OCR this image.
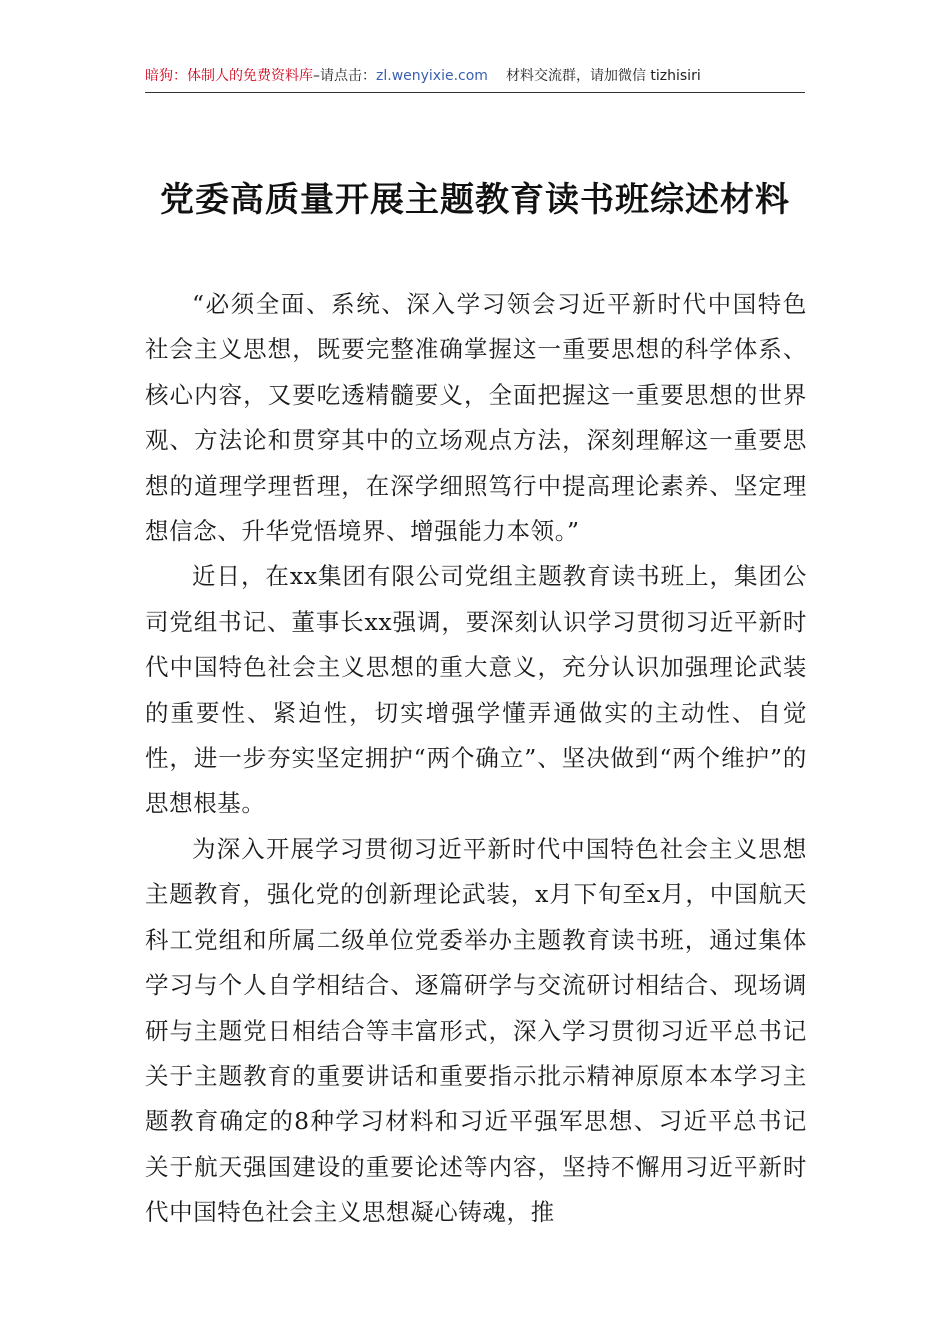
暗狗：体制人的免费资料库–请点击：zl.wenyixie.com 材料交流群，请加微信 tizhisiri
党委高质量开展主题教育读书班综述材料

“必须全面、系统、深入学习领会习近平新时代中国特色社会主义思想，既要完整准确掌握这一重要思想的科学体系、核心内容，又要吃透精髓要义，全面把握这一重要思想的世界观、方法论和贯穿其中的立场观点方法，深刻理解这一重要思想的道理学理哲理，在深学细照笃行中提高理论素养、坚定理想信念、升华党悟境界、增强能力本领。”

近日，在xx集团有限公司党组主题教育读书班上，集团公司党组书记、董事长xx强调，要深刻认识学习贯彻习近平新时代中国特色社会主义思想的重大意义，充分认识加强理论武装的重要性、紧迫性，切实增强学懂弄通做实的主动性、自觉性，进一步夯实坚定拥护“两个确立”、坚决做到“两个维护”的思想根基。

为深入开展学习贯彻习近平新时代中国特色社会主义思想主题教育，强化党的创新理论武装，x月下旬至x月，中国航天科工党组和所属二级单位党委举办主题教育读书班，通过集体学习与个人自学相结合、逐篇研学与交流研讨相结合、现场调研与主题党日相结合等丰富形式，深入学习贯彻习近平总书记关于主题教育的重要讲话和重要指示批示精神原原本本学习主题教育确定的8种学习材料和习近平强军思想、习近平总书记关于航天强国建设的重要论述等内容，坚持不懈用习近平新时代中国特色社会主义思想凝心铸魂，推
